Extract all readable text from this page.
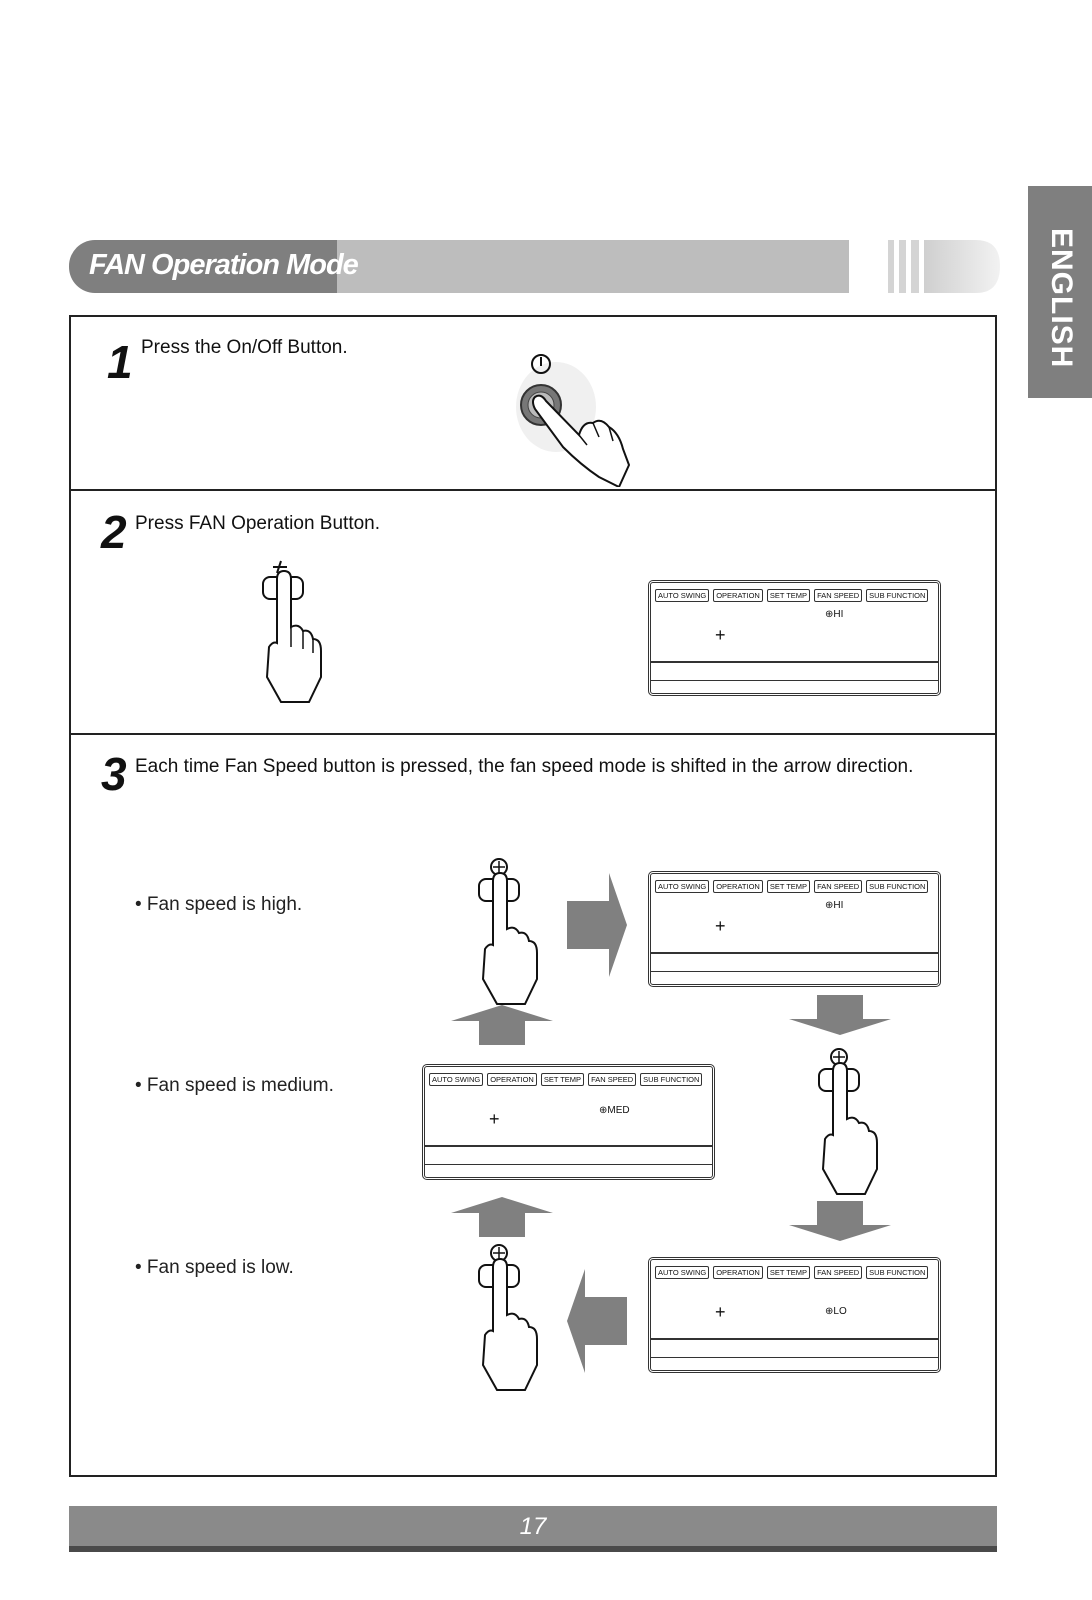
FAN Operation Mode	ENGLISH
1 Press the On/Off Button.
2 Press FAN Operation Button.
AUTO SWING	OPERATION	SET TEMP	FAN SPEED	SUB FUNCTION
⊕HI
+
3 Each time Fan Speed button is pressed, the fan speed mode is shifted in the arrow direction.
• Fan speed is high.
• Fan speed is medium.
• Fan speed is low.
AUTO SWING	OPERATION	SET TEMP	FAN SPEED	SUB FUNCTION
⊕HI
+
AUTO SWING	OPERATION	SET TEMP	FAN SPEED	SUB FUNCTION
⊕MED
+
AUTO SWING	OPERATION	SET TEMP	FAN SPEED	SUB FUNCTION
⊕LO
+
17
